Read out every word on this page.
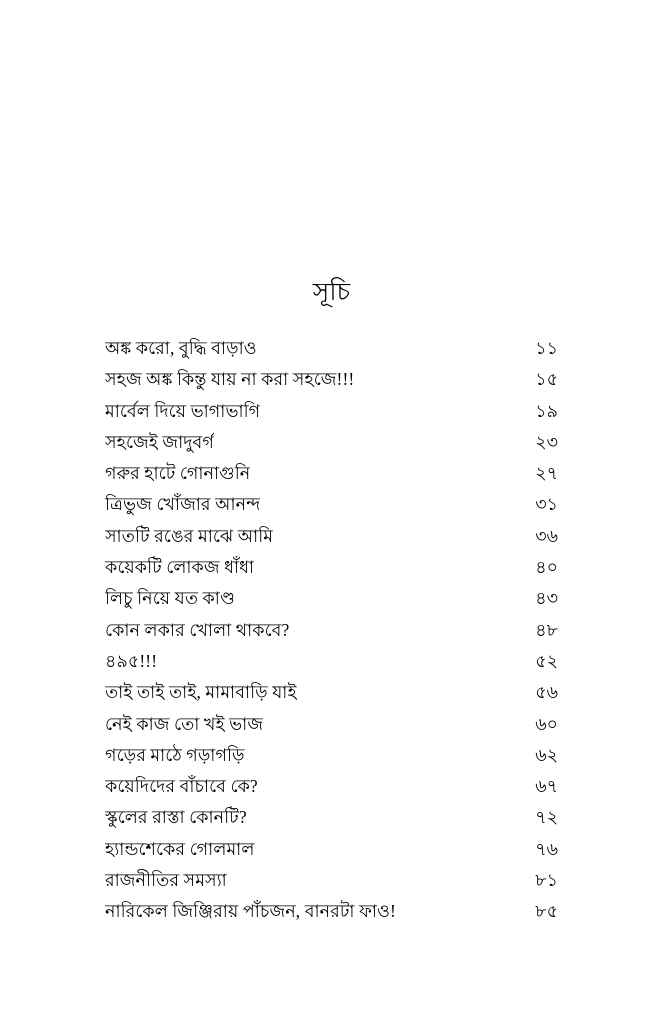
সূচি
অঙ্ক করো, বুদ্ধি বাড়াও	১১
সহজ অঙ্ক কিন্তু যায় না করা সহজে!!!	১৫
মার্বেল দিয়ে ভাগাভাগি	১৯
সহজেই জাদুবর্গ	২৩
গরুর হাটে গোনাগুনি	২৭
ত্রিভুজ খোঁজার আনন্দ	৩১
সাতটি রঙের মাঝে আমি	৩৬
কয়েকটি লোকজ ধাঁধা	৪০
লিচু নিয়ে যত কাণ্ড	৪৩
কোন লকার খোলা থাকবে?	৪৮
৪৯৫!!!	৫২
তাই তাই তাই, মামাবাড়ি যাই	৫৬
নেই কাজ তো খই ভাজ	৬০
গড়ের মাঠে গড়াগড়ি	৬২
কয়েদিদের বাঁচাবে কে?	৬৭
স্কুলের রাস্তা কোনটি?	৭২
হ্যান্ডশেকের গোলমাল	৭৬
রাজনীতির সমস্যা	৮১
নারিকেল জিঞ্জিরায় পাঁচজন, বানরটা ফাও!	৮৫
